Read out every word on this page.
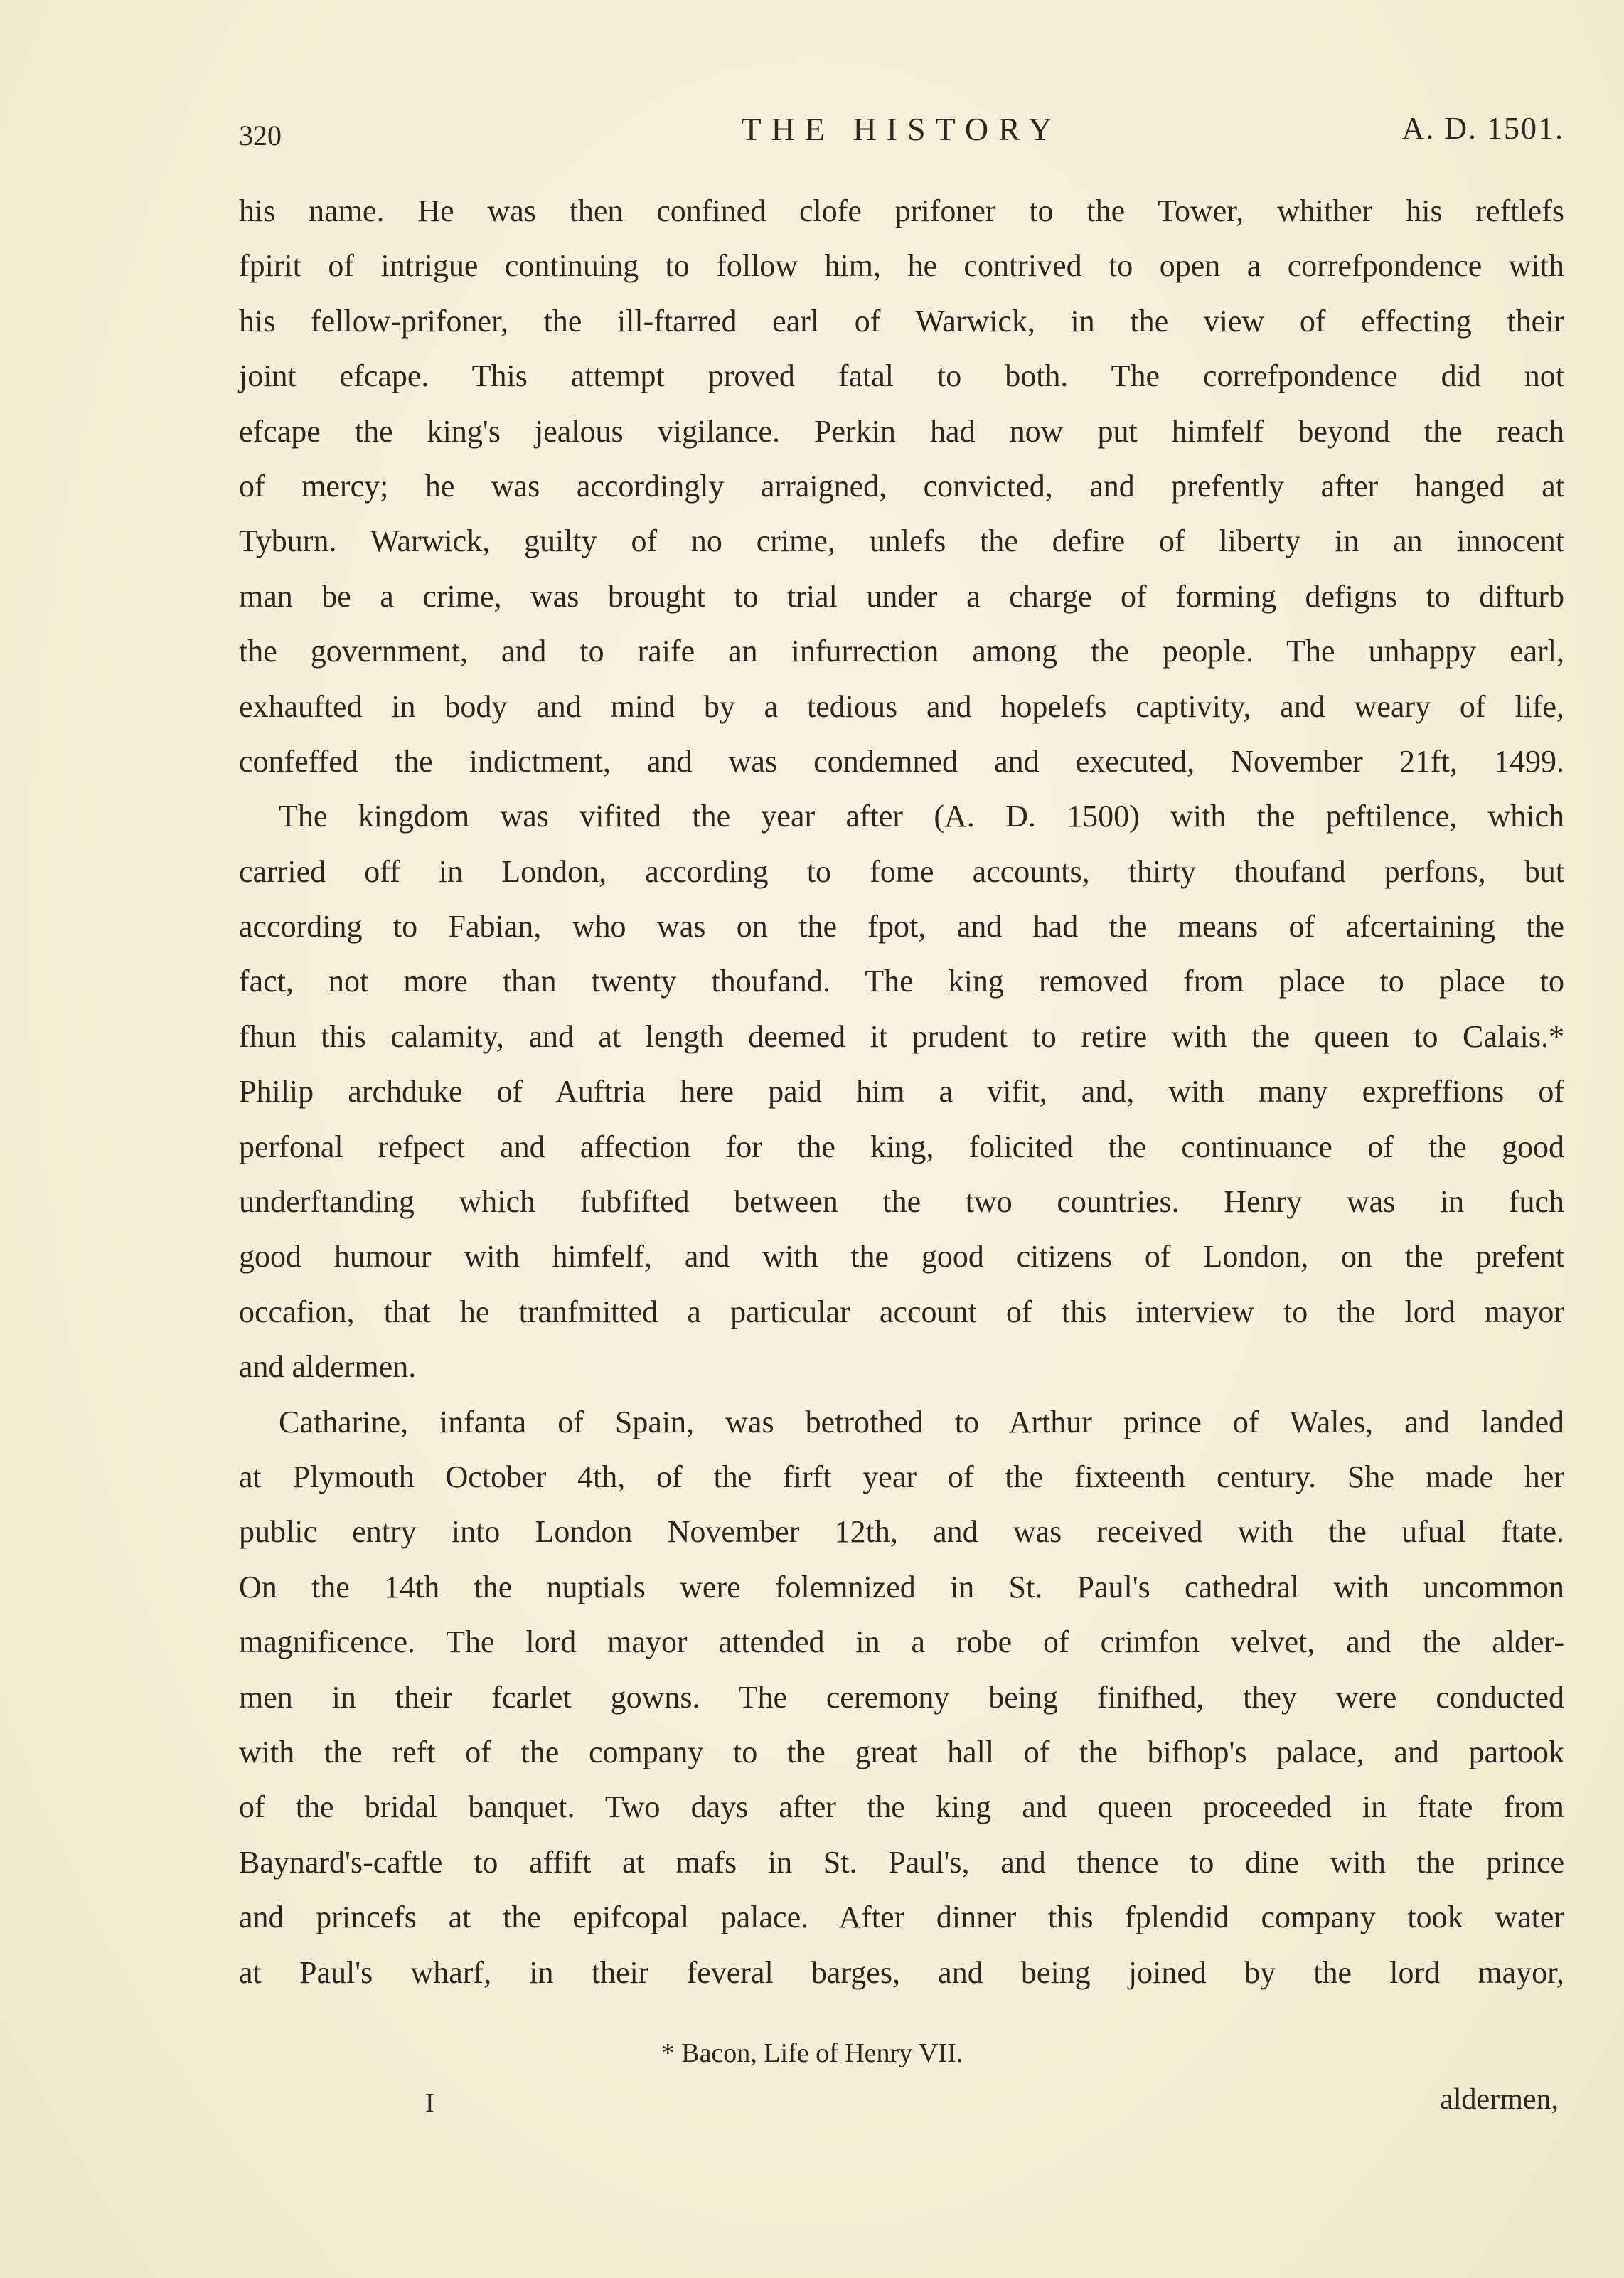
320	THE HISTORY	A. D. 1501.
his name. He was then confined clofe prifoner to the Tower, whither his reftlefs
fpirit of intrigue continuing to follow him, he contrived to open a correfpondence with
his fellow-prifoner, the ill-ftarred earl of Warwick, in the view of effecting their
joint efcape. This attempt proved fatal to both. The correfpondence did not
efcape the king's jealous vigilance. Perkin had now put himfelf beyond the reach
of mercy; he was accordingly arraigned, convicted, and prefently after hanged at
Tyburn. Warwick, guilty of no crime, unlefs the defire of liberty in an innocent
man be a crime, was brought to trial under a charge of forming defigns to difturb
the government, and to raife an infurrection among the people. The unhappy earl,
exhaufted in body and mind by a tedious and hopelefs captivity, and weary of life,
confeffed the indictment, and was condemned and executed, November 21ft, 1499.
The kingdom was vifited the year after (A. D. 1500) with the peftilence, which
carried off in London, according to fome accounts, thirty thoufand perfons, but
according to Fabian, who was on the fpot, and had the means of afcertaining the
fact, not more than twenty thoufand. The king removed from place to place to
fhun this calamity, and at length deemed it prudent to retire with the queen to Calais.*
Philip archduke of Auftria here paid him a vifit, and, with many expreffions of
perfonal refpect and affection for the king, folicited the continuance of the good
underftanding which fubfifted between the two countries. Henry was in fuch
good humour with himfelf, and with the good citizens of London, on the prefent
occafion, that he tranfmitted a particular account of this interview to the lord mayor
and aldermen.
Catharine, infanta of Spain, was betrothed to Arthur prince of Wales, and landed
at Plymouth October 4th, of the firft year of the fixteenth century. She made her
public entry into London November 12th, and was received with the ufual ftate.
On the 14th the nuptials were folemnized in St. Paul's cathedral with uncommon
magnificence. The lord mayor attended in a robe of crimfon velvet, and the alder-
men in their fcarlet gowns. The ceremony being finifhed, they were conducted
with the reft of the company to the great hall of the bifhop's palace, and partook
of the bridal banquet. Two days after the king and queen proceeded in ftate from
Baynard's-caftle to affift at mafs in St. Paul's, and thence to dine with the prince
and princefs at the epifcopal palace. After dinner this fplendid company took water
at Paul's wharf, in their feveral barges, and being joined by the lord mayor,
* Bacon, Life of Henry VII.
I	aldermen,
